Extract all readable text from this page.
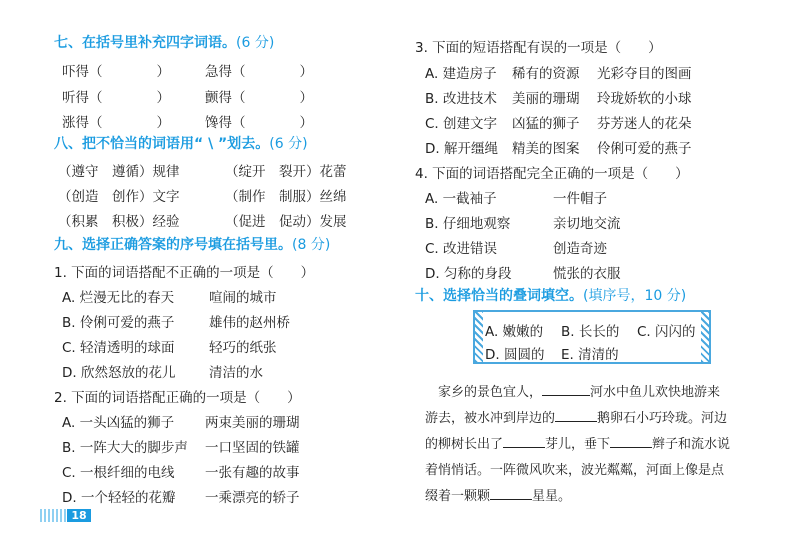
七、在括号里补充四字词语。(6 分)
吓得（　　　　）	急得（　　　　）
听得（　　　　）	颤得（　　　　）
涨得（　　　　）	馋得（　　　　）
八、把不恰当的词语用“ \ ”划去。(6 分)
（遵守　遵循）规律	（绽开　裂开）花蕾
（创造　创作）文字	（制作　制服）丝绵
（积累　积极）经验	（促进　促动）发展
九、选择正确答案的序号填在括号里。(8 分)
1. 下面的词语搭配不正确的一项是（　　）
A. 烂漫无比的春天	喧闹的城市
B. 伶俐可爱的燕子	雄伟的赵州桥
C. 轻清透明的球面	轻巧的纸张
D. 欣然怒放的花儿 清洁的水
2. 下面的词语搭配正确的一项是（　　）
A. 一头凶猛的狮子 两束美丽的珊瑚
B. 一阵大大的脚步声 一口坚固的铁罐
C. 一根纤细的电线 一张有趣的故事
D. 一个轻轻的花瓣 一乘漂亮的轿子
18
3. 下面的短语搭配有误的一项是（　　）
A. 建造房子 稀有的资源 光彩夺目的图画
B. 改进技术 美丽的珊瑚 玲珑娇软的小球
C. 创建文字 凶猛的狮子 芬芳迷人的花朵
D. 解开缰绳 精美的图案 伶俐可爱的燕子
4. 下面的词语搭配完全正确的一项是（　　）
A. 一截袖子	一件帽子
B. 仔细地观察	亲切地交流
C. 改进错误	创造奇迹
D. 匀称的身段	慌张的衣服
十、选择恰当的叠词填空。(填序号，10 分)
A. 嫩嫩的 B. 长长的 C. 闪闪的
D. 圆圆的 E. 清清的
家乡的景色宜人，	河水中鱼儿欢快地游来
游去，被水冲到岸边的	鹅卵石小巧玲珑。河边
的柳树长出了	芽儿，垂下	辫子和流水说
着悄悄话。一阵微风吹来，波光粼粼，河面上像是点
缀着一颗颗	星星。
